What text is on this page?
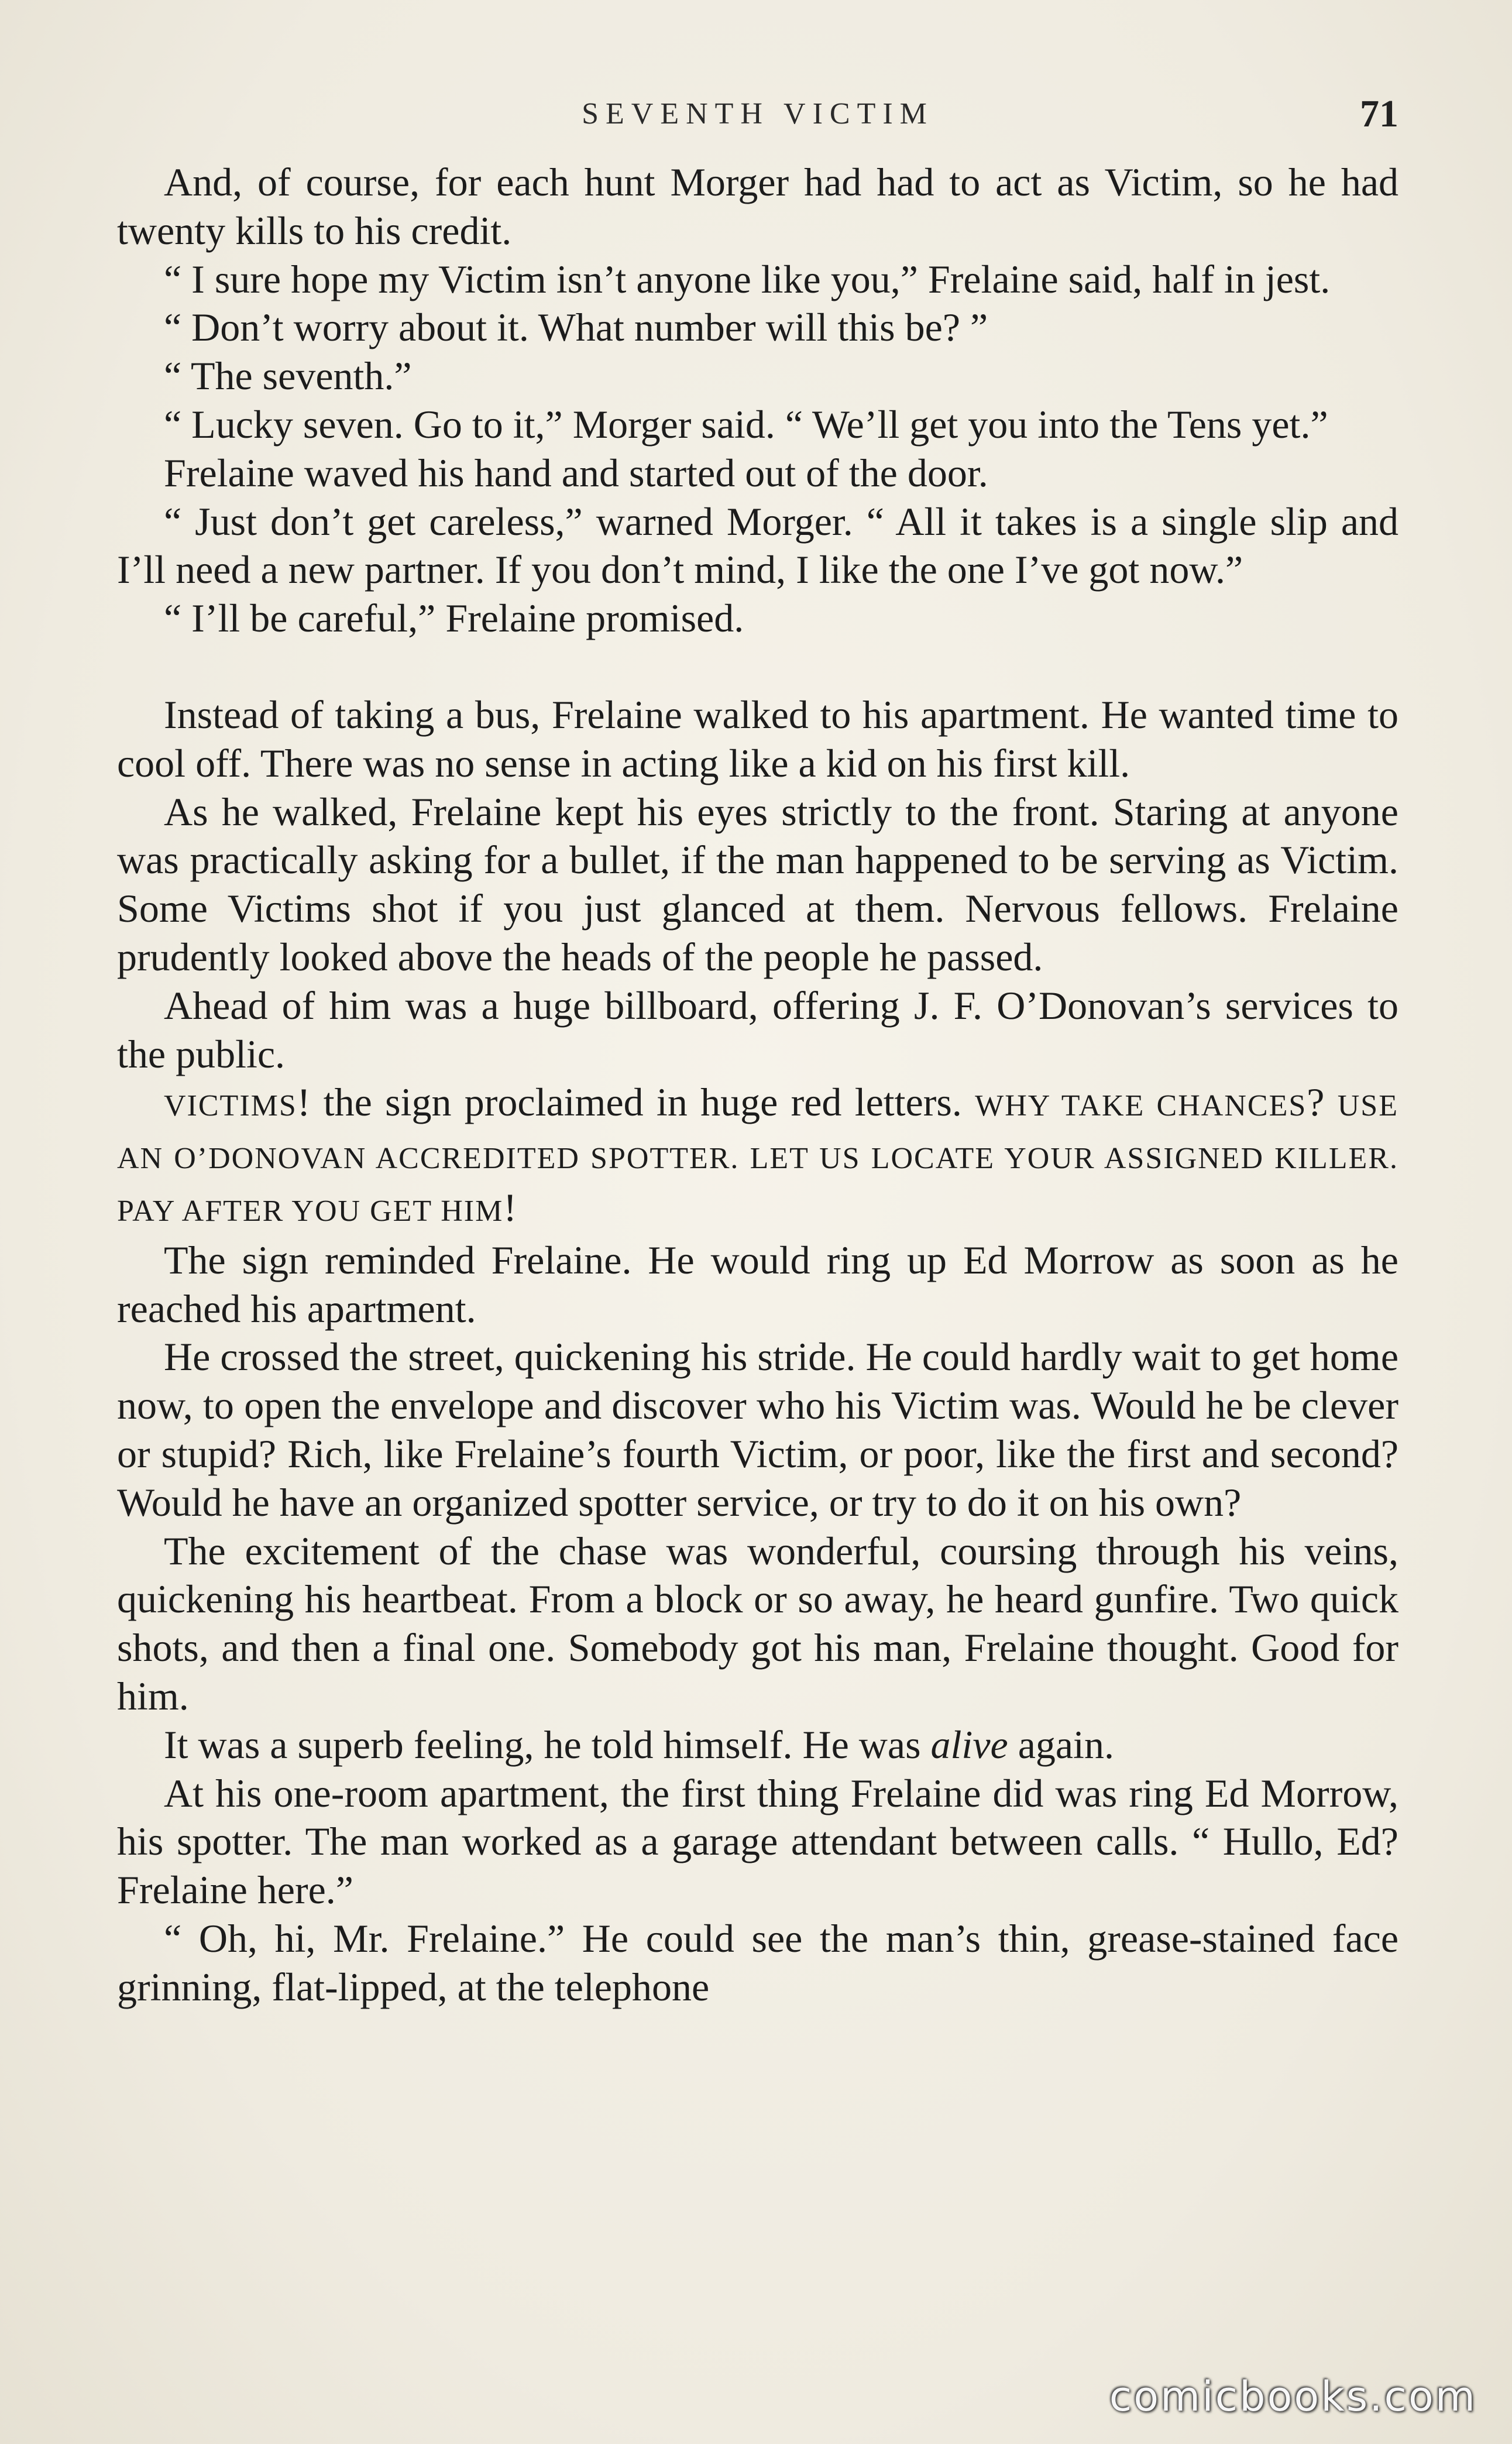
SEVENTH VICTIM	71

And, of course, for each hunt Morger had had to act as Victim, so he had twenty kills to his credit.

“ I sure hope my Victim isn’t anyone like you,” Frelaine said, half in jest.

“ Don’t worry about it. What number will this be? ”

“ The seventh.”

“ Lucky seven. Go to it,” Morger said. “ We’ll get you into the Tens yet.”

Frelaine waved his hand and started out of the door.

“ Just don’t get careless,” warned Morger. “ All it takes is a single slip and I’ll need a new partner. If you don’t mind, I like the one I’ve got now.”

“ I’ll be careful,” Frelaine promised.

Instead of taking a bus, Frelaine walked to his apartment. He wanted time to cool off. There was no sense in acting like a kid on his first kill.

As he walked, Frelaine kept his eyes strictly to the front. Staring at anyone was practically asking for a bullet, if the man happened to be serving as Victim. Some Victims shot if you just glanced at them. Nervous fellows. Frelaine prudently looked above the heads of the people he passed.

Ahead of him was a huge billboard, offering J. F. O’Donovan’s services to the public.

VICTIMS! the sign proclaimed in huge red letters. WHY TAKE CHANCES? USE AN O’DONOVAN ACCREDITED SPOTTER. LET US LOCATE YOUR ASSIGNED KILLER. PAY AFTER YOU GET HIM!

The sign reminded Frelaine. He would ring up Ed Morrow as soon as he reached his apartment.

He crossed the street, quickening his stride. He could hardly wait to get home now, to open the envelope and discover who his Victim was. Would he be clever or stupid? Rich, like Frelaine’s fourth Victim, or poor, like the first and second? Would he have an organized spotter service, or try to do it on his own?

The excitement of the chase was wonderful, coursing through his veins, quickening his heartbeat. From a block or so away, he heard gunfire. Two quick shots, and then a final one. Somebody got his man, Frelaine thought. Good for him.

It was a superb feeling, he told himself. He was alive again.

At his one-room apartment, the first thing Frelaine did was ring Ed Morrow, his spotter. The man worked as a garage attendant between calls. “ Hullo, Ed? Frelaine here.”

“ Oh, hi, Mr. Frelaine.” He could see the man’s thin, grease-stained face grinning, flat-lipped, at the telephone

comicbooks.com
